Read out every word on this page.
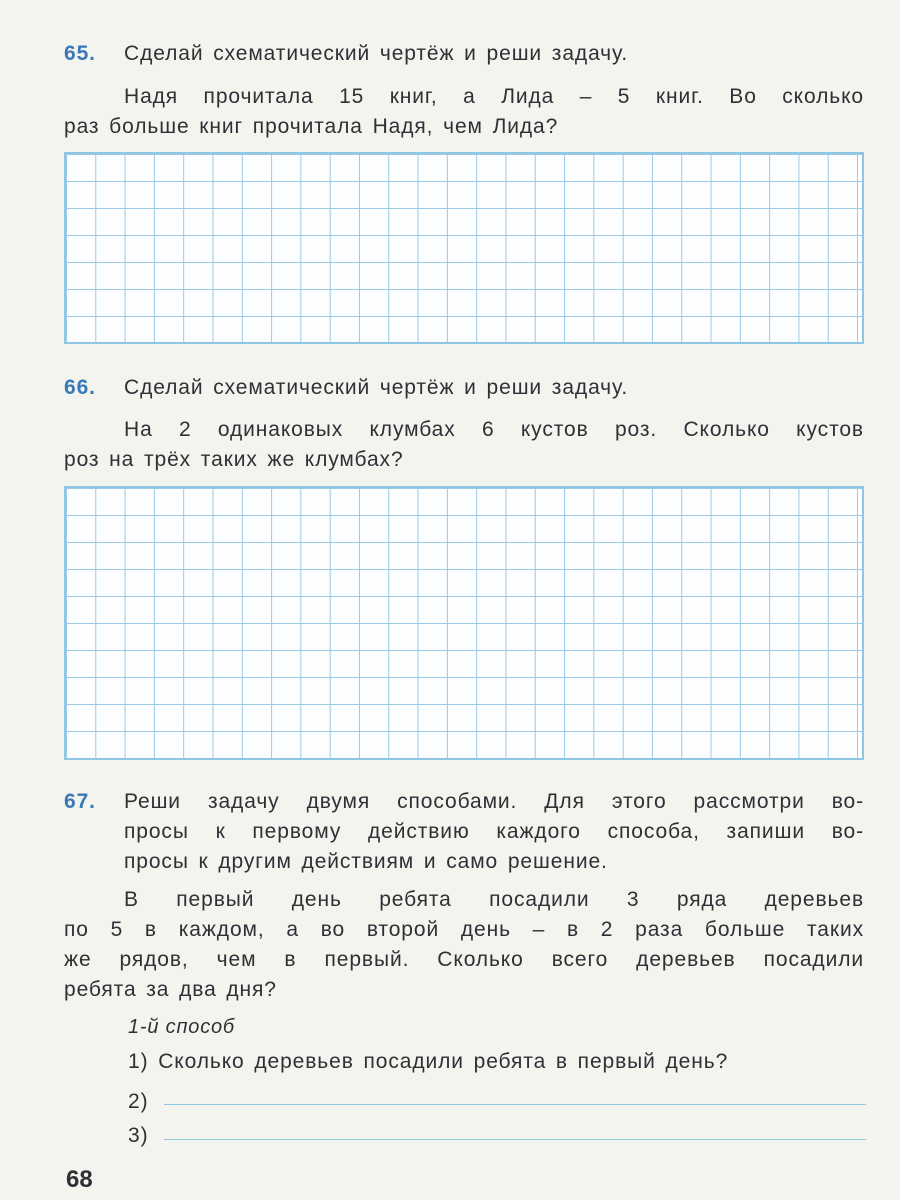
65. Сделай схематический чертёж и реши задачу.
Надя прочитала 15 книг, а Лида – 5 книг. Во сколько
раз больше книг прочитала Надя, чем Лида?
66. Сделай схематический чертёж и реши задачу.
На 2 одинаковых клумбах 6 кустов роз. Сколько кустов
роз на трёх таких же клумбах?
67. Реши задачу двумя способами. Для этого рассмотри во-
просы к первому действию каждого способа, запиши во-
просы к другим действиям и само решение.
В первый день ребята посадили 3 ряда деревьев
по 5 в каждом, а во второй день – в 2 раза больше таких
же рядов, чем в первый. Сколько всего деревьев посадили
ребята за два дня?
1-й способ
1) Сколько деревьев посадили ребята в первый день?
2)
3)
68
